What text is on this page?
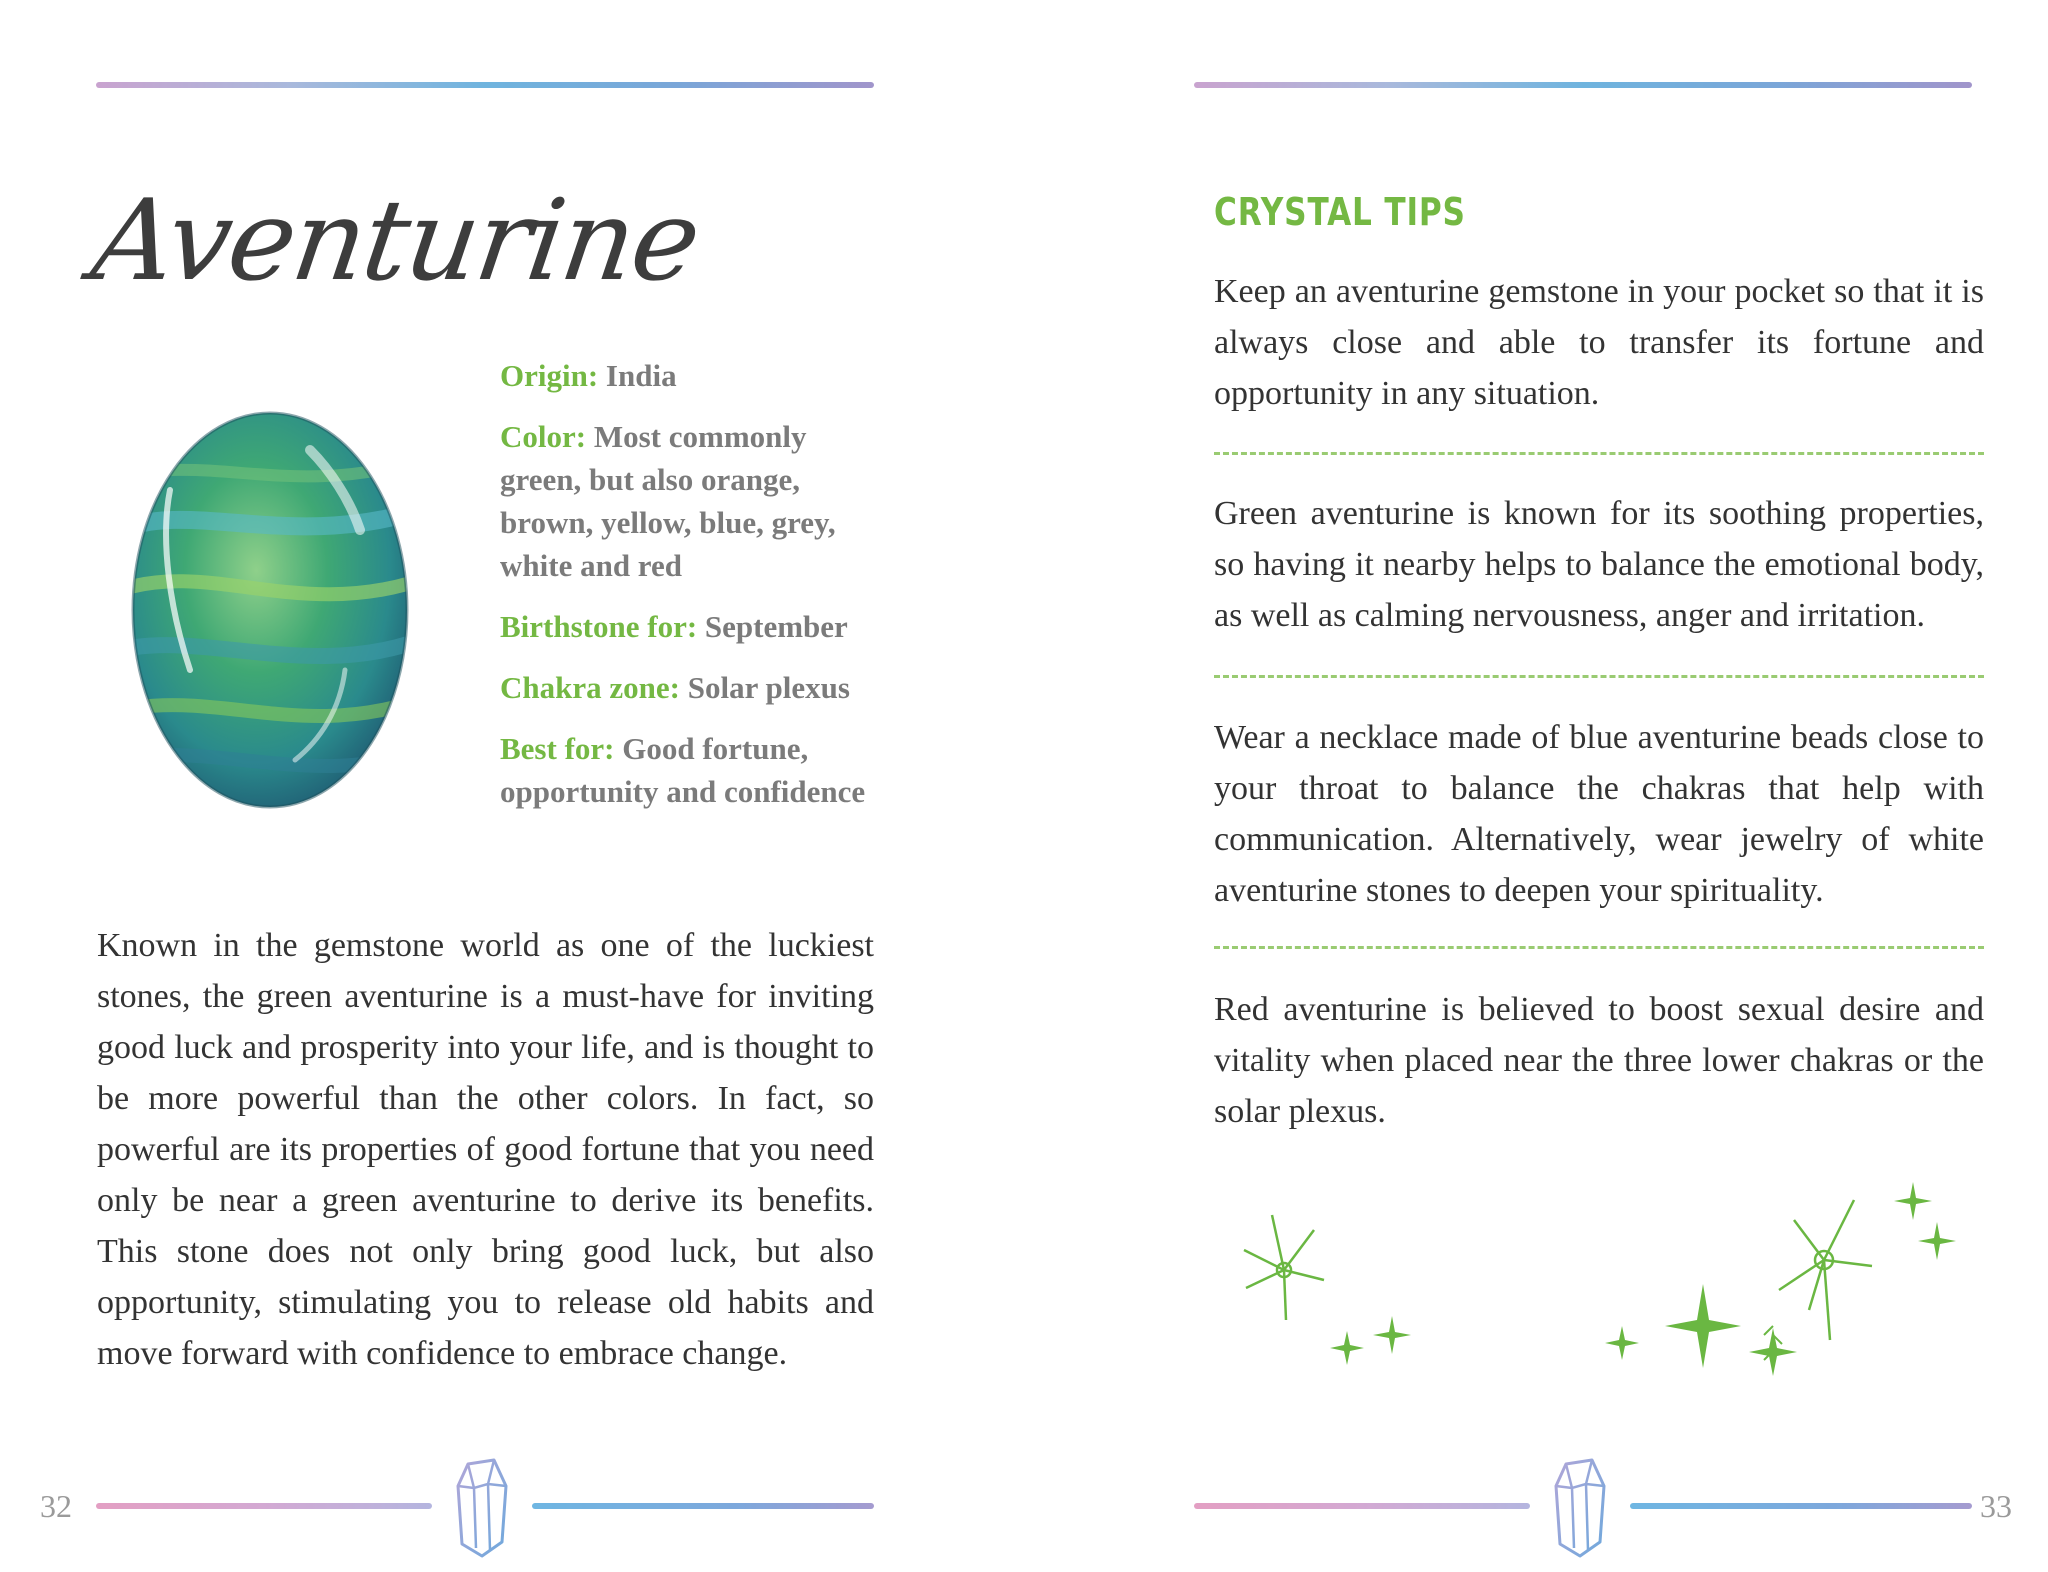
Aventurine
Origin: India
Color: Most commonly green, but also orange, brown, yellow, blue, grey, white and red
Birthstone for: September
Chakra zone: Solar plexus
Best for: Good fortune, opportunity and confidence

Known in the gemstone world as one of the luckiest stones, the green aventurine is a must-have for inviting good luck and prosperity into your life, and is thought to be more powerful than the other colors. In fact, so powerful are its properties of good fortune that you need only be near a green aventurine to derive its benefits. This stone does not only bring good luck, but also opportunity, stimulating you to release old habits and move forward with confidence to embrace change.

32
CRYSTAL TIPS

Keep an aventurine gemstone in your pocket so that it is always close and able to transfer its fortune and opportunity in any situation.

Green aventurine is known for its soothing properties, so having it nearby helps to balance the emotional body, as well as calming nervousness, anger and irritation.

Wear a necklace made of blue aventurine beads close to your throat to balance the chakras that help with communication. Alternatively, wear jewelry of white aventurine stones to deepen your spirituality.

Red aventurine is believed to boost sexual desire and vitality when placed near the three lower chakras or the solar plexus.

33
